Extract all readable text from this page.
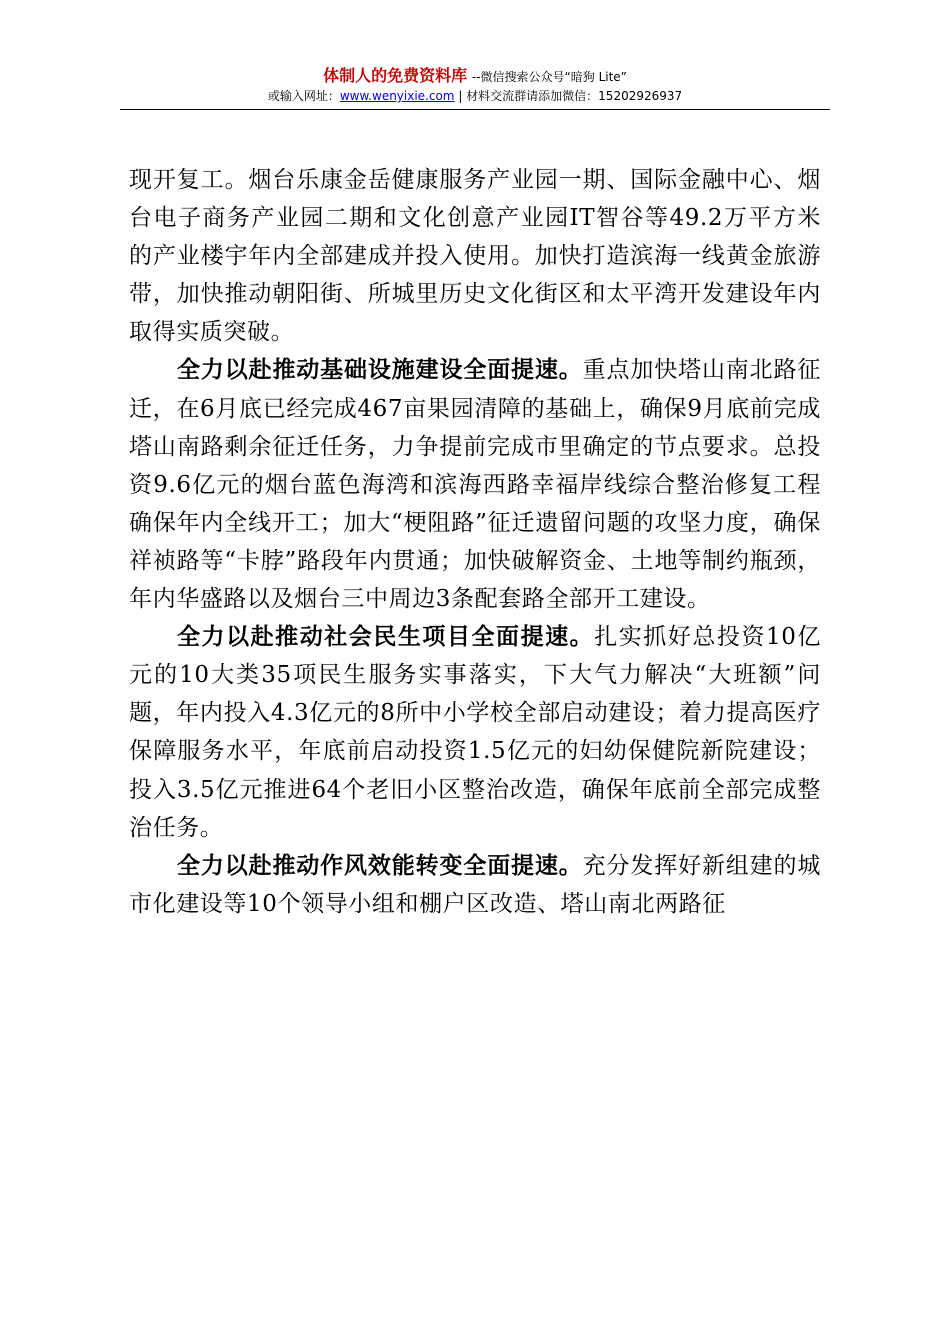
体制人的免费资料库 --微信搜索公众号“暗狗 Lite”
或输入网址：www.wenyixie.com | 材料交流群请添加微信：15202926937

现开复工。烟台乐康金岳健康服务产业园一期、国际金融中心、烟台电子商务产业园二期和文化创意产业园IT智谷等49.2万平方米的产业楼宇年内全部建成并投入使用。加快打造滨海一线黄金旅游带，加快推动朝阳街、所城里历史文化街区和太平湾开发建设年内取得实质突破。

全力以赴推动基础设施建设全面提速。重点加快塔山南北路征迁，在6月底已经完成467亩果园清障的基础上，确保9月底前完成塔山南路剩余征迁任务，力争提前完成市里确定的节点要求。总投资9.6亿元的烟台蓝色海湾和滨海西路幸福岸线综合整治修复工程确保年内全线开工；加大“梗阻路”征迁遗留问题的攻坚力度，确保祥祯路等“卡脖”路段年内贯通；加快破解资金、土地等制约瓶颈，年内华盛路以及烟台三中周边3条配套路全部开工建设。

全力以赴推动社会民生项目全面提速。扎实抓好总投资10亿元的10大类35项民生服务实事落实，下大气力解决“大班额”问题，年内投入4.3亿元的8所中小学校全部启动建设；着力提高医疗保障服务水平，年底前启动投资1.5亿元的妇幼保健院新院建设；投入3.5亿元推进64个老旧小区整治改造，确保年底前全部完成整治任务。

全力以赴推动作风效能转变全面提速。充分发挥好新组建的城市化建设等10个领导小组和棚户区改造、塔山南北两路征
